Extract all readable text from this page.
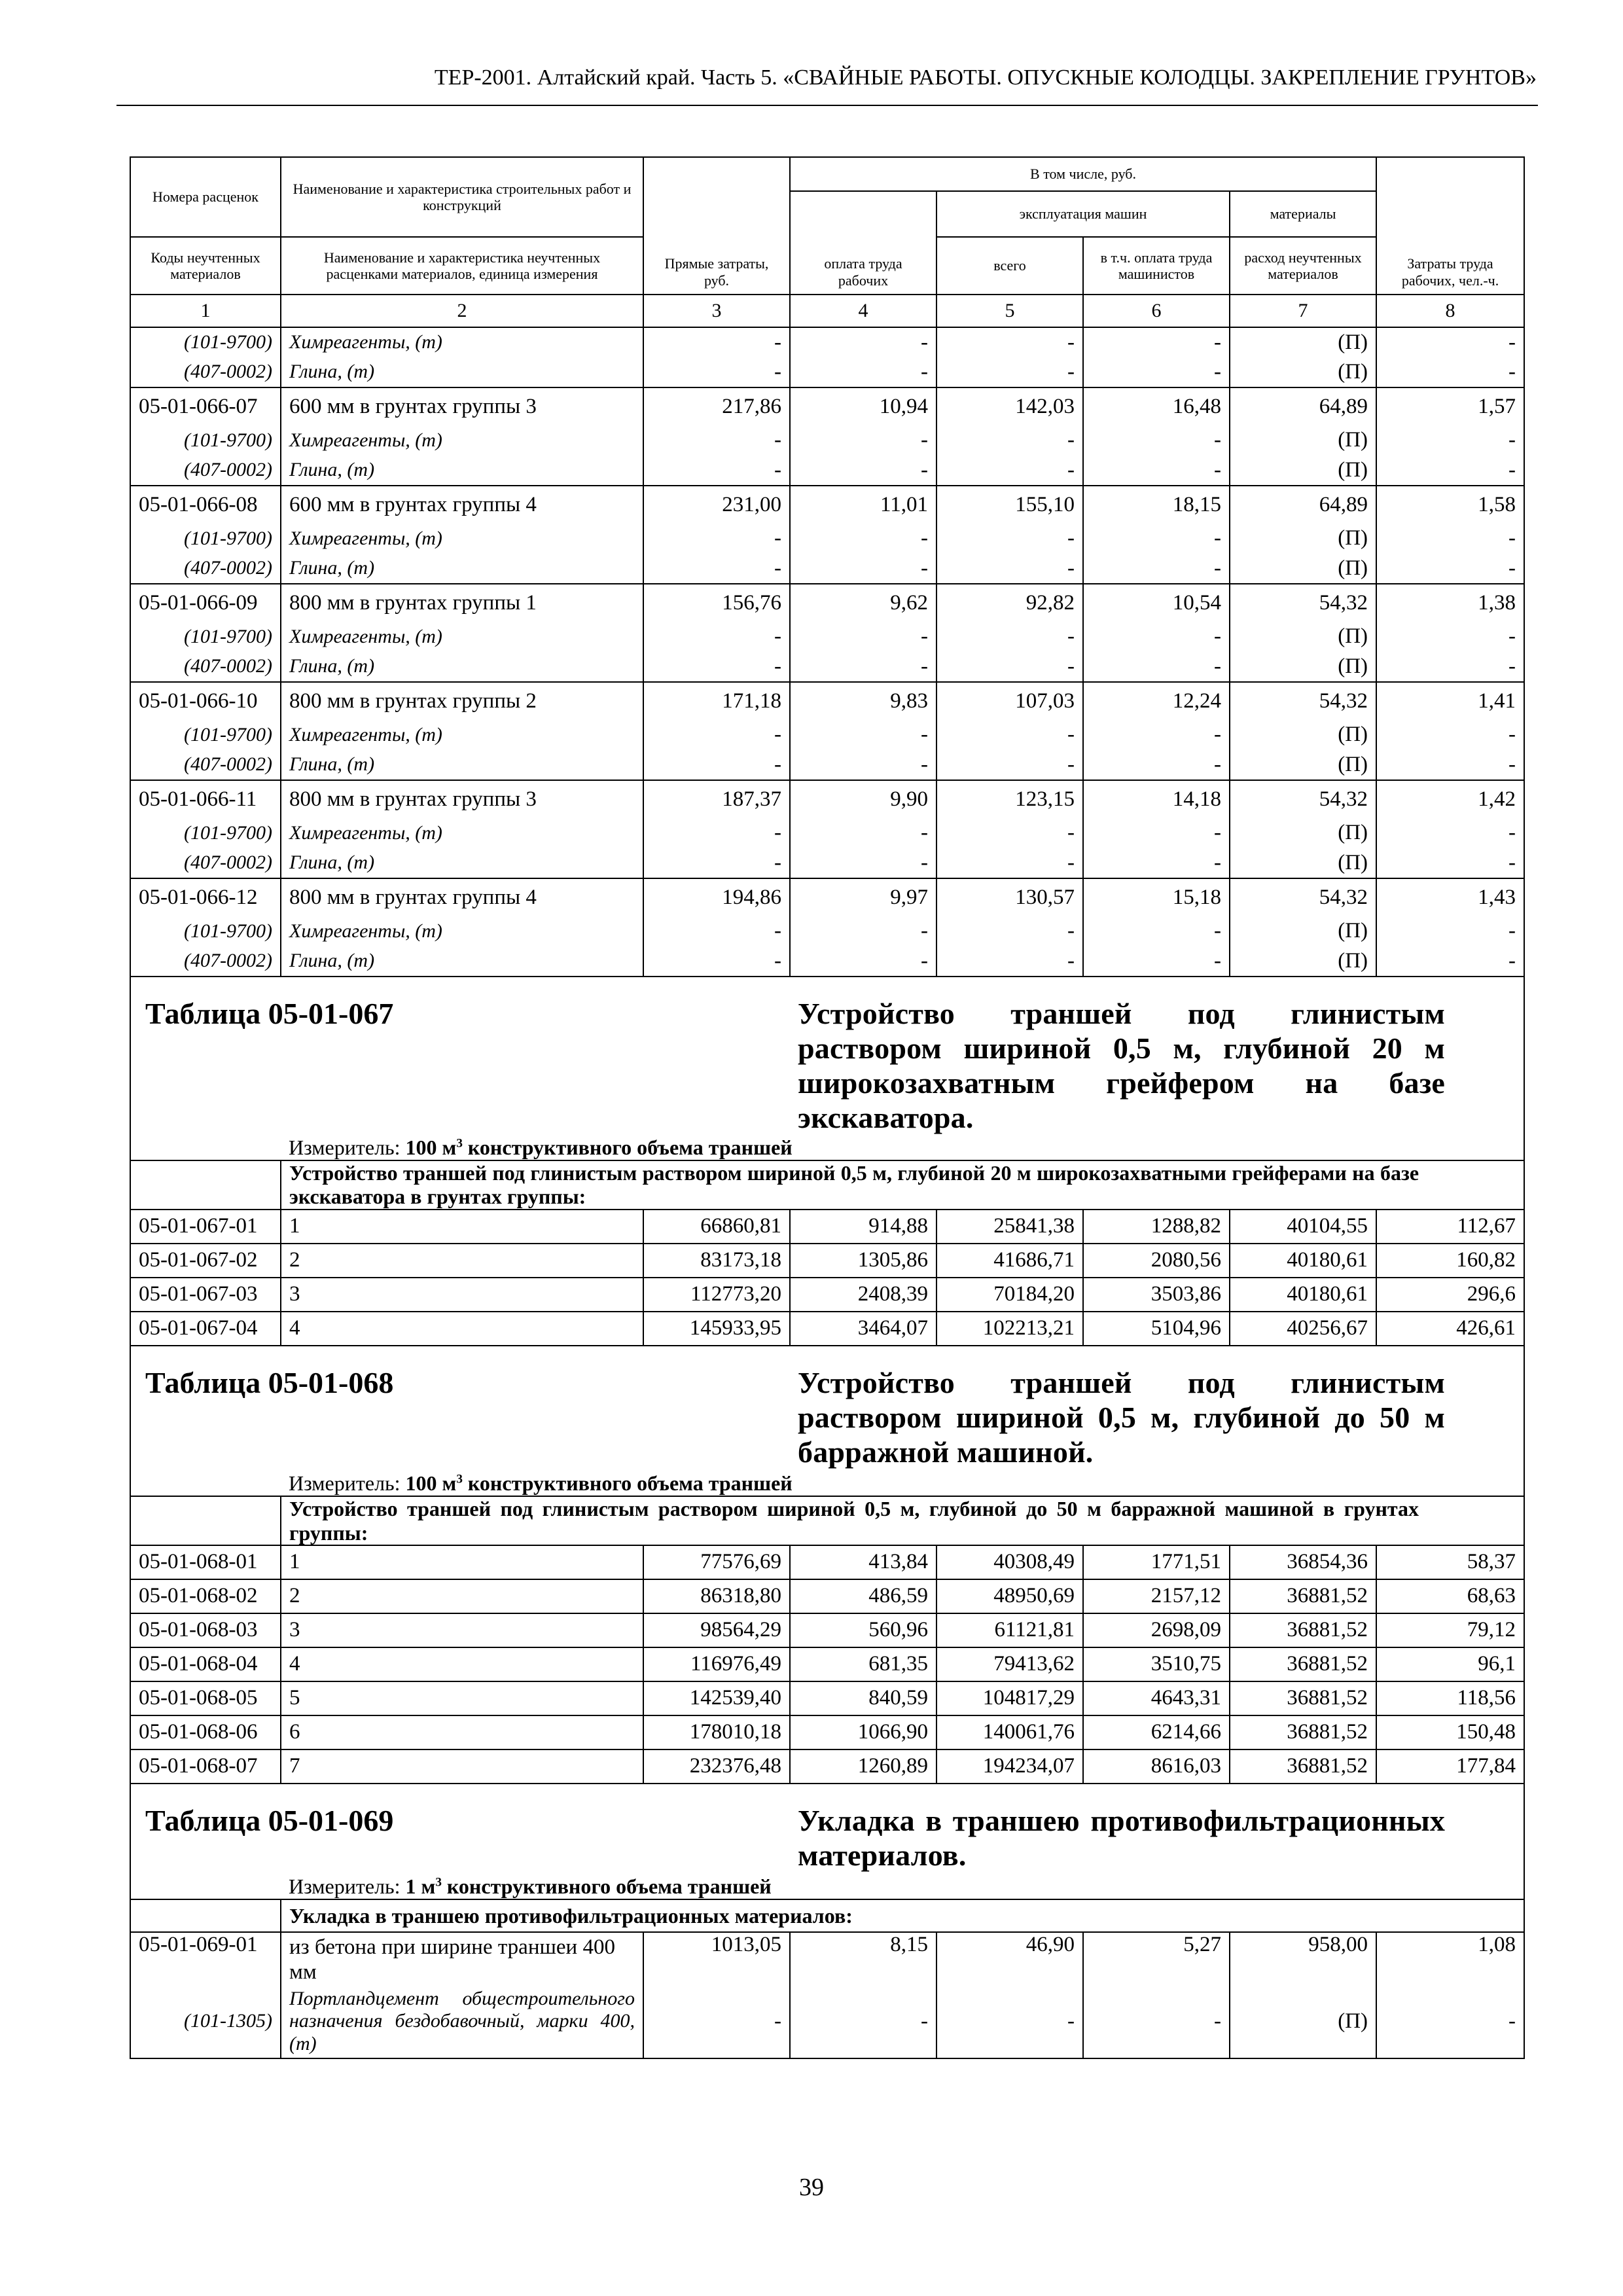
ТЕР-2001. Алтайский край. Часть 5. «СВАЙНЫЕ РАБОТЫ. ОПУСКНЫЕ КОЛОДЦЫ. ЗАКРЕПЛЕНИЕ ГРУНТОВ»
Номера расценок	Наименование и характеристика строительных работ и конструкций	Прямые затраты, руб.	В том числе, руб.				Затраты труда рабочих, чел.-ч.
			оплата труда рабочих	эксплуатация машин		материалы	
Коды неучтенных материалов	Наименование и характеристика неучтенных расценками материалов, единица измерения			всего	в т.ч. оплата труда машинистов	расход неучтенных материалов	
1	2	3	4	5	6	7	8
(101-9700)	Химреагенты, (т)	-	-	-	-	(П)	-
(407-0002)	Глина, (т)	-	-	-	-	(П)	-
05-01-066-07	600 мм в грунтах группы 3	217,86	10,94	142,03	16,48	64,89	1,57
(101-9700)	Химреагенты, (т)	-	-	-	-	(П)	-
(407-0002)	Глина, (т)	-	-	-	-	(П)	-
05-01-066-08	600 мм в грунтах группы 4	231,00	11,01	155,10	18,15	64,89	1,58
(101-9700)	Химреагенты, (т)	-	-	-	-	(П)	-
(407-0002)	Глина, (т)	-	-	-	-	(П)	-
05-01-066-09	800 мм в грунтах группы 1	156,76	9,62	92,82	10,54	54,32	1,38
(101-9700)	Химреагенты, (т)	-	-	-	-	(П)	-
(407-0002)	Глина, (т)	-	-	-	-	(П)	-
05-01-066-10	800 мм в грунтах группы 2	171,18	9,83	107,03	12,24	54,32	1,41
(101-9700)	Химреагенты, (т)	-	-	-	-	(П)	-
(407-0002)	Глина, (т)	-	-	-	-	(П)	-
05-01-066-11	800 мм в грунтах группы 3	187,37	9,90	123,15	14,18	54,32	1,42
(101-9700)	Химреагенты, (т)	-	-	-	-	(П)	-
(407-0002)	Глина, (т)	-	-	-	-	(П)	-
05-01-066-12	800 мм в грунтах группы 4	194,86	9,97	130,57	15,18	54,32	1,43
(101-9700)	Химреагенты, (т)	-	-	-	-	(П)	-
(407-0002)	Глина, (т)	-	-	-	-	(П)	-
Таблица 05-01-067			Устройство траншей под глинистым раствором шириной 0,5 м, глубиной 20 м широкозахватным грейфером на базе экскаватора.				
	Измеритель: 100 $м^3$ конструктивного объема траншей						
	Устройство траншей под глинистым раствором шириной 0,5 м, глубиной 20 м широкозахватными грейферами на базе экскаватора в грунтах группы:						
05-01-067-01	1	66860,81	914,88	25841,38	1288,82	40104,55	112,67
05-01-067-02	2	83173,18	1305,86	41686,71	2080,56	40180,61	160,82
05-01-067-03	3	112773,20	2408,39	70184,20	3503,86	40180,61	296,6
05-01-067-04	4	145933,95	3464,07	102213,21	5104,96	40256,67	426,61
Таблица 05-01-068			Устройство траншей под глинистым раствором шириной 0,5 м, глубиной до 50 м барражной машиной.				
	Измеритель: 100 $м^3$ конструктивного объема траншей						
	Устройство траншей под глинистым раствором шириной 0,5 м, глубиной до 50 м барражной машиной в грунтах группы:						
05-01-068-01	1	77576,69	413,84	40308,49	1771,51	36854,36	58,37
05-01-068-02	2	86318,80	486,59	48950,69	2157,12	36881,52	68,63
05-01-068-03	3	98564,29	560,96	61121,81	2698,09	36881,52	79,12
05-01-068-04	4	116976,49	681,35	79413,62	3510,75	36881,52	96,1
05-01-068-05	5	142539,40	840,59	104817,29	4643,31	36881,52	118,56
05-01-068-06	6	178010,18	1066,90	140061,76	6214,66	36881,52	150,48
05-01-068-07	7	232376,48	1260,89	194234,07	8616,03	36881,52	177,84
Таблица 05-01-069			Укладка в траншею противофильтрационных материалов.				
	Измеритель: 1 $м^3$ конструктивного объема траншей						
	Укладка в траншею противофильтрационных материалов:						
05-01-069-01	из бетона при ширине траншеи 400 мм	1013,05	8,15	46,90	5,27	958,00	1,08
(101-1305)	Портландцемент общестроительного назначения бездобавочный, марки 400, (т)	-	-	-	-	(П)	-
39
